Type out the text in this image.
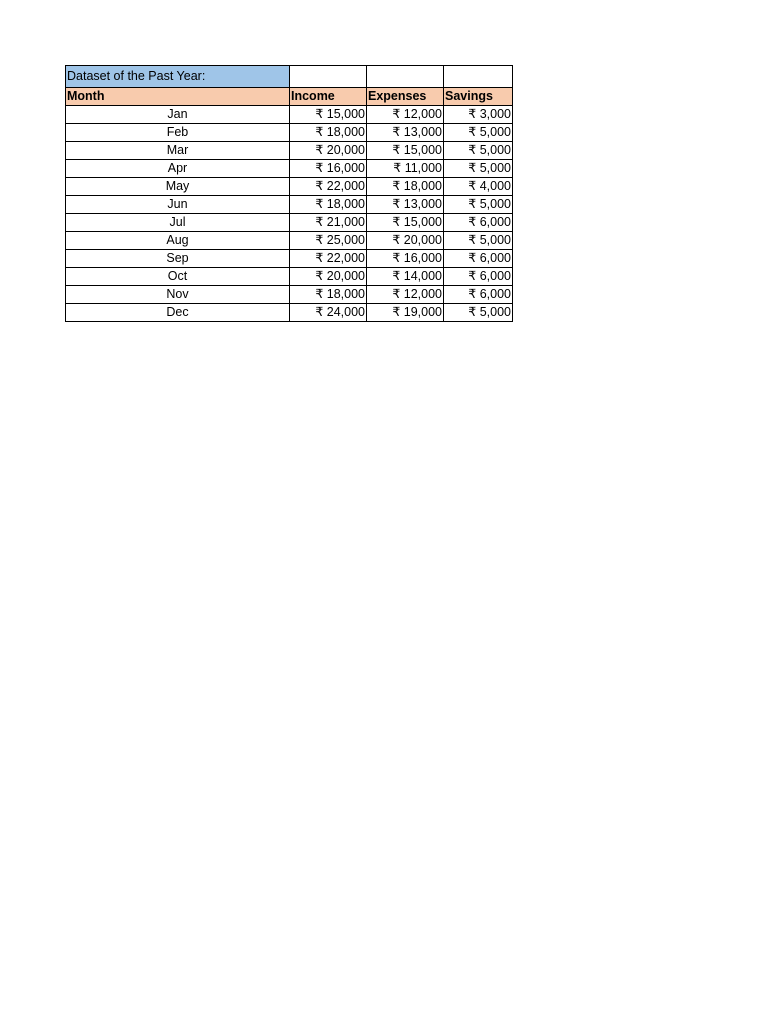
Dataset of the Past Year:			
Month	Income	Expenses	Savings
Jan	₹ 15,000	₹ 12,000	₹ 3,000
Feb	₹ 18,000	₹ 13,000	₹ 5,000
Mar	₹ 20,000	₹ 15,000	₹ 5,000
Apr	₹ 16,000	₹ 11,000	₹ 5,000
May	₹ 22,000	₹ 18,000	₹ 4,000
Jun	₹ 18,000	₹ 13,000	₹ 5,000
Jul	₹ 21,000	₹ 15,000	₹ 6,000
Aug	₹ 25,000	₹ 20,000	₹ 5,000
Sep	₹ 22,000	₹ 16,000	₹ 6,000
Oct	₹ 20,000	₹ 14,000	₹ 6,000
Nov	₹ 18,000	₹ 12,000	₹ 6,000
Dec	₹ 24,000	₹ 19,000	₹ 5,000
